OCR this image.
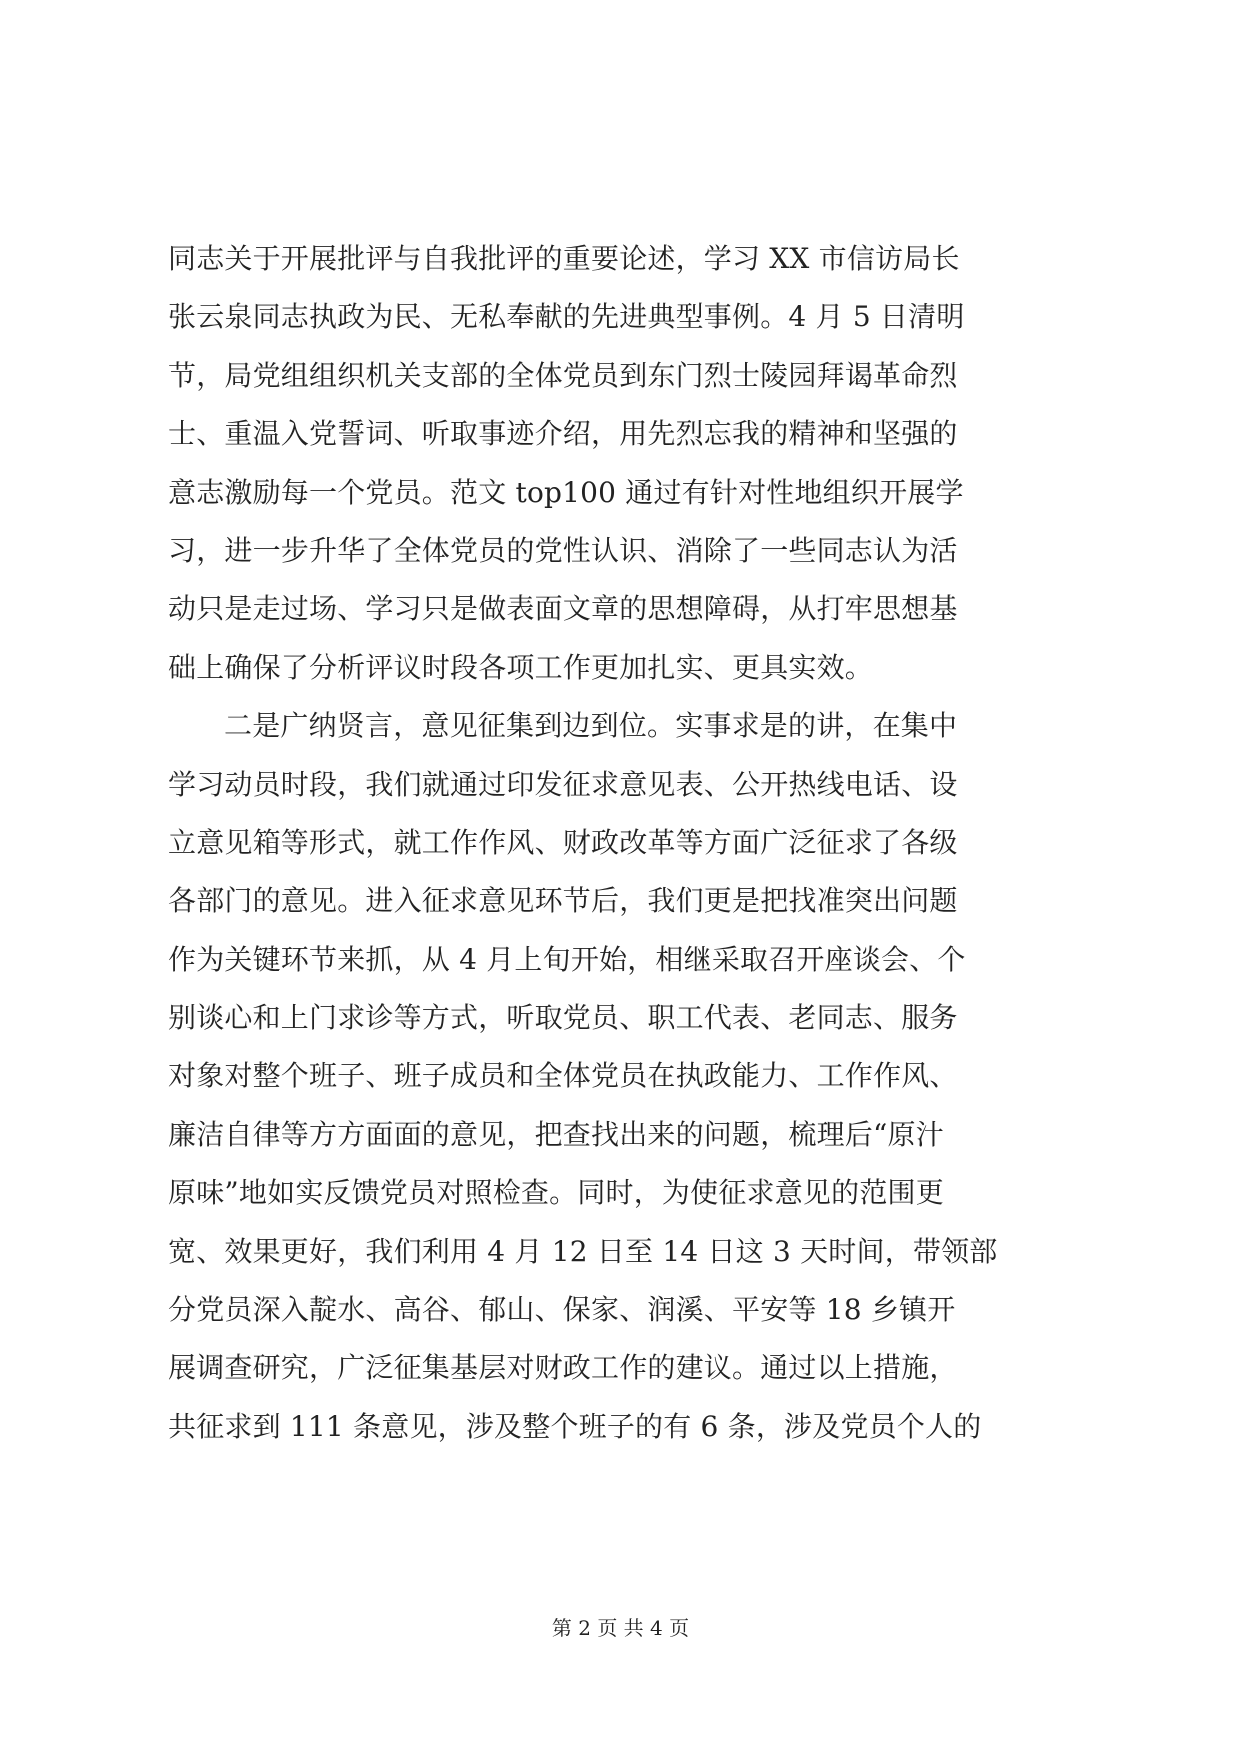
同志关于开展批评与自我批评的重要论述，学习 XX 市信访局长
张云泉同志执政为民、无私奉献的先进典型事例。4 月 5 日清明
节，局党组组织机关支部的全体党员到东门烈士陵园拜谒革命烈
士、重温入党誓词、听取事迹介绍，用先烈忘我的精神和坚强的
意志激励每一个党员。范文 top100 通过有针对性地组织开展学
习，进一步升华了全体党员的党性认识、消除了一些同志认为活
动只是走过场、学习只是做表面文章的思想障碍，从打牢思想基
础上确保了分析评议时段各项工作更加扎实、更具实效。
二是广纳贤言，意见征集到边到位。实事求是的讲，在集中
学习动员时段，我们就通过印发征求意见表、公开热线电话、设
立意见箱等形式，就工作作风、财政改革等方面广泛征求了各级
各部门的意见。进入征求意见环节后，我们更是把找准突出问题
作为关键环节来抓，从 4 月上旬开始，相继采取召开座谈会、个
别谈心和上门求诊等方式，听取党员、职工代表、老同志、服务
对象对整个班子、班子成员和全体党员在执政能力、工作作风、
廉洁自律等方方面面的意见，把查找出来的问题，梳理后“原汁
原味”地如实反馈党员对照检查。同时，为使征求意见的范围更
宽、效果更好，我们利用 4 月 12 日至 14 日这 3 天时间，带领部
分党员深入靛水、高谷、郁山、保家、润溪、平安等 18 乡镇开
展调查研究，广泛征集基层对财政工作的建议。通过以上措施，
共征求到 111 条意见，涉及整个班子的有 6 条，涉及党员个人的
第 2 页 共 4 页
